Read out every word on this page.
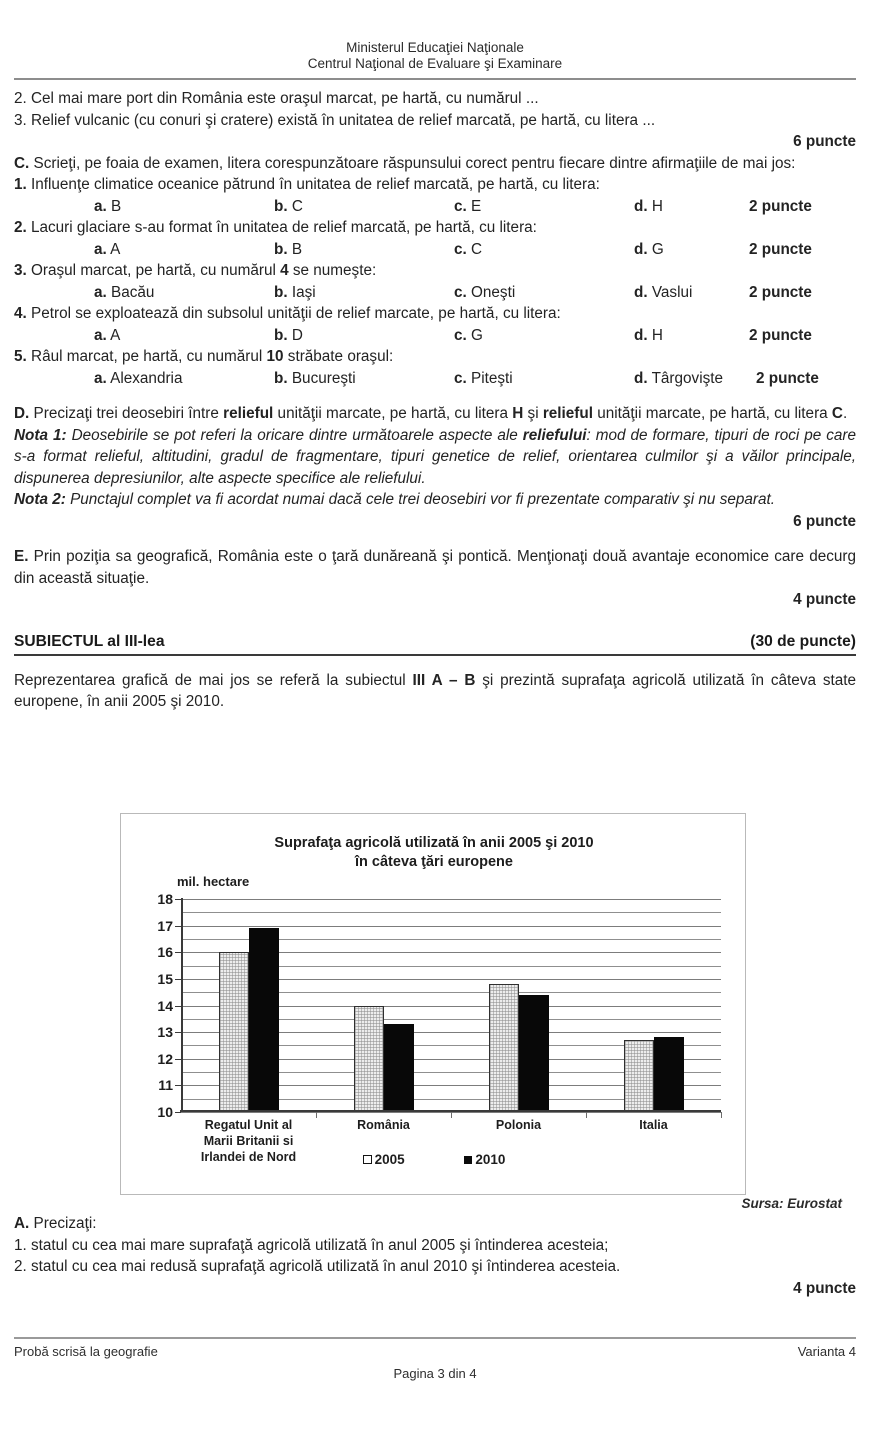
Ministerul Educaţiei Naţionale
Centrul Naţional de Evaluare şi Examinare

2. Cel mai mare port din România este oraşul marcat, pe hartă, cu numărul ...

3. Relief vulcanic (cu conuri şi cratere) există în unitatea de relief marcată, pe hartă, cu litera ...

6 puncte

C. Scrieţi, pe foaia de examen, litera corespunzătoare răspunsului corect pentru fiecare dintre afirmaţiile de mai jos:

1. Influenţe climatice oceanice pătrund în unitatea de relief marcată, pe hartă, cu litera:

a. B	b. C	c. E	d. H	2 puncte

2. Lacuri glaciare s-au format în unitatea de relief marcată, pe hartă, cu litera:

a. A	b. B	c. C	d. G	2 puncte

3. Oraşul marcat, pe hartă, cu numărul 4 se numeşte:

a. Bacău	b. Iaşi	c. Oneşti	d. Vaslui	2 puncte

4. Petrol se exploatează din subsolul unităţii de relief marcate, pe hartă, cu litera:

a. A	b. D	c. G	d. H	2 puncte

5. Râul marcat, pe hartă, cu numărul 10 străbate oraşul:

a. Alexandria	b. Bucureşti	c. Piteşti	d. Târgovişte 2 puncte

D. Precizaţi trei deosebiri între relieful unităţii marcate, pe hartă, cu litera H şi relieful unităţii marcate, pe hartă, cu litera C.

Nota 1: Deosebirile se pot referi la oricare dintre următoarele aspecte ale reliefului: mod de formare, tipuri de roci pe care s-a format relieful, altitudini, gradul de fragmentare, tipuri genetice de relief, orientarea culmilor şi a văilor principale, dispunerea depresiunilor, alte aspecte specifice ale reliefului.

Nota 2: Punctajul complet va fi acordat numai dacă cele trei deosebiri vor fi prezentate comparativ şi nu separat.

6 puncte

E. Prin poziţia sa geografică, România este o ţară dunăreană şi pontică. Menţionaţi două avantaje economice care decurg din această situaţie.

4 puncte

SUBIECTUL al III-lea	(30 de puncte)

Reprezentarea grafică de mai jos se referă la subiectul III A – B şi prezintă suprafaţa agricolă utilizată în câteva state europene, în anii 2005 şi 2010.

Suprafaţa agricolă utilizată în anii 2005 şi 2010
în câteva ţări europene
mil. hectare
18
17
16
15
14
13
12
11
10
Regatul Unit al
Marii Britanii si
Irlandei de Nord
România	Polonia	Italia
2005	2010
Sursa: Eurostat

A. Precizaţi:

1. statul cu cea mai mare suprafaţă agricolă utilizată în anul 2005 şi întinderea acesteia;

2. statul cu cea mai redusă suprafaţă agricolă utilizată în anul 2010 şi întinderea acesteia.

4 puncte

Probă scrisă la geografie	Varianta 4
Pagina 3 din 4
